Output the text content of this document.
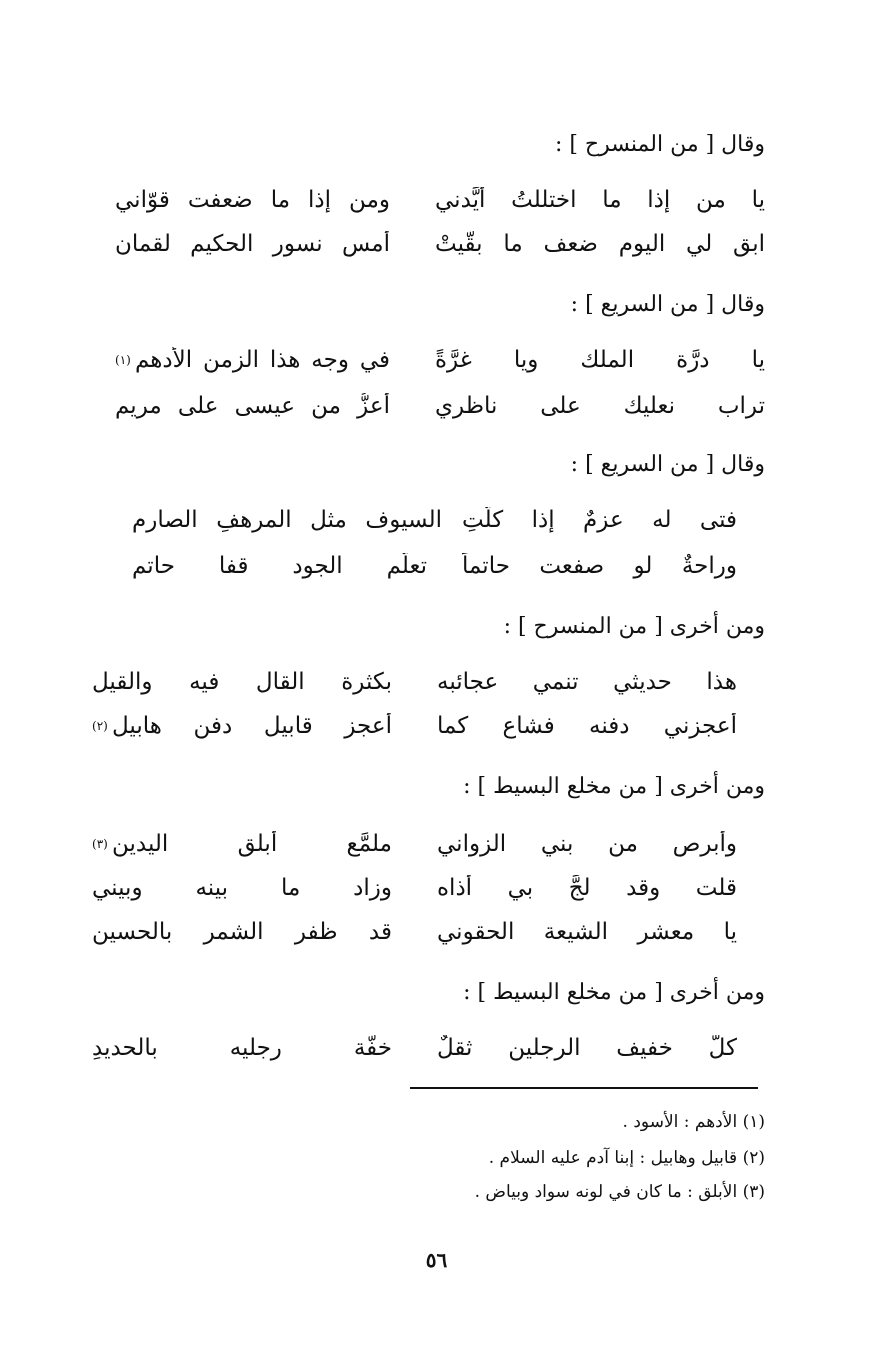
وقال [ من المنسرح ] :
يا من إذا ما اختللتُ أيَّدني
ومن إذا ما ضعفت قوّاني
ابق لي اليوم ضعف ما بقّيتْ
أمس نسور الحكيم لقمان
وقال [ من السريع ] :
يا درَّة الملك ويا غرَّةً
في وجه هذا الزمن الأدهمِ
(١)
تراب نعليك على ناظري
أعزُّ من عيسى على مريم
وقال [ من السريع ] :
فتى له عزمٌ إذا كلَّتِ
السيوف مثل المرهفِ الصارمِ
وراحةٌ لو صفعت حاتماً
تعلَّم الجود قفا حاتمِ
ومن أخرى [ من المنسرح ] :
هذا حديثي تنمي عجائبه
بكثرة القال فيه والقيل
أعجزني دفنه فشاع كما
أعجز قابيل دفن هابيل
(٢)
ومن أخرى [ من مخلع البسيط ] :
وأبرصٍ من بني الزواني
ملمَّعٍ أبلق اليدين
(٣)
قلت وقد لجَّ بي أذاه
وزاد ما بينه وبيني
يا معشر الشيعة الحقوني
قد ظفر الشمر بالحسين
ومن أخرى [ من مخلع البسيط ] :
كلٌّ خفيف الرجلين ثقلٌ
خفَّة رجليه بالحديدِ
(١) الأدهم : الأسود .
(٢) قابيل وهابيل : إبنا آدم عليه السلام .
(٣) الأبلق : ما كان في لونه سواد وبياض .
٥٦
